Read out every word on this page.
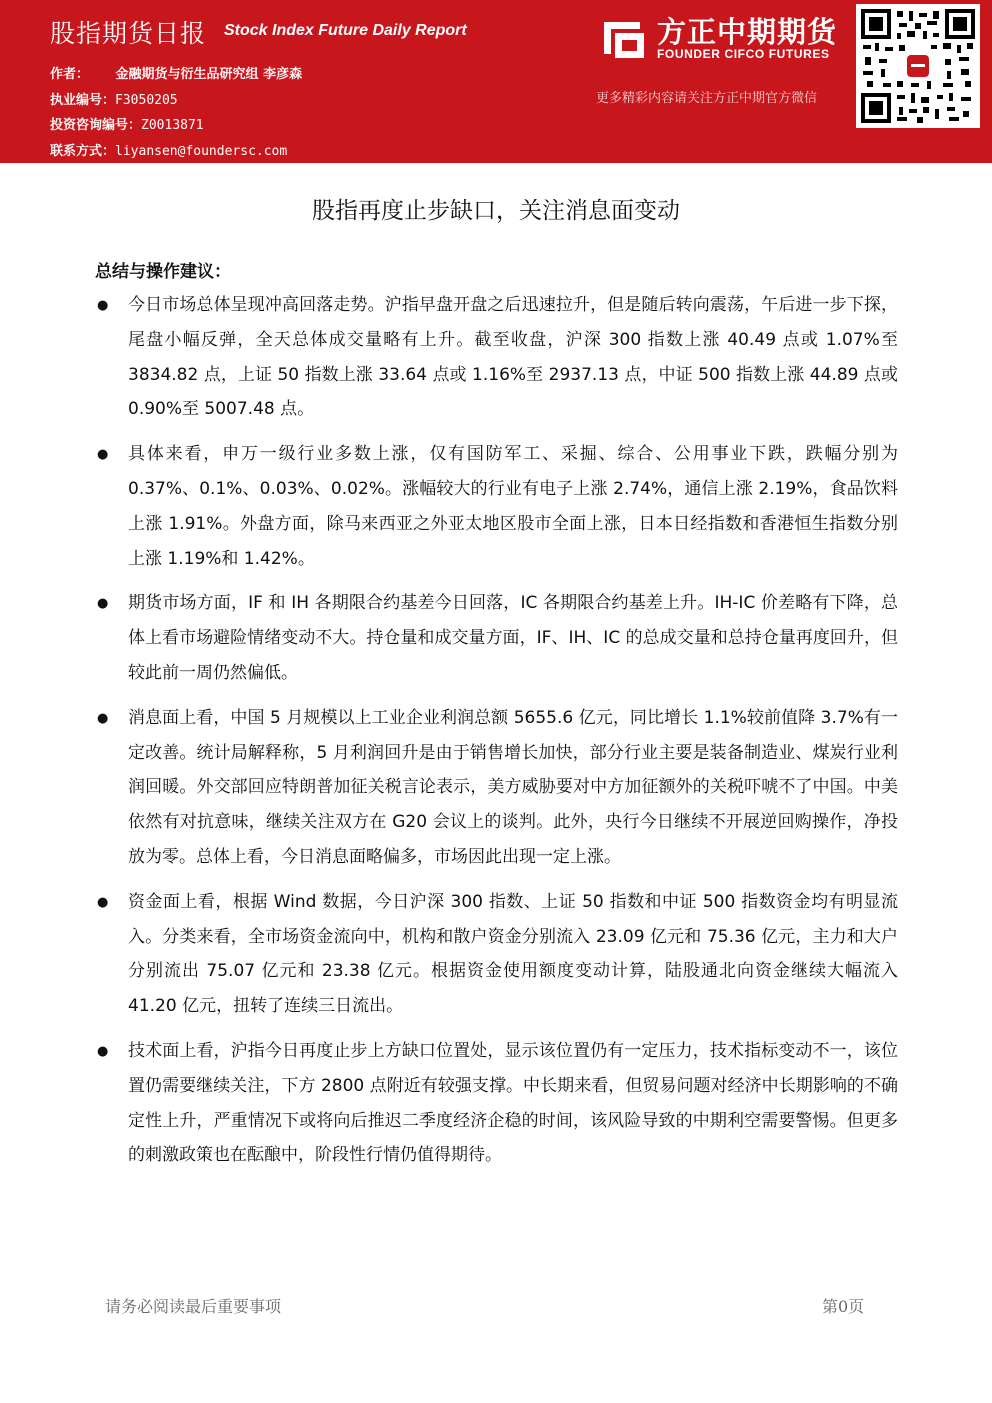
股指期货日报 Stock Index Future Daily Report
作者： 金融期货与衍生品研究组 李彦森
执业编号：F3050205
投资咨询编号：Z0013871
联系方式：liyansen@foundersc.com
方正中期期货
FOUNDER CIFCO FUTURES
更多精彩内容请关注方正中期官方微信
股指再度止步缺口，关注消息面变动
总结与操作建议：
● 今日市场总体呈现冲高回落走势。沪指早盘开盘之后迅速拉升，但是随后转向震荡，午后进一步下探，尾盘小幅反弹，全天总体成交量略有上升。截至收盘，沪深 300 指数上涨 40.49 点或 1.07%至 3834.82 点，上证 50 指数上涨 33.64 点或 1.16%至 2937.13 点，中证 500 指数上涨 44.89 点或 0.90%至 5007.48 点。
● 具体来看，申万一级行业多数上涨，仅有国防军工、采掘、综合、公用事业下跌，跌幅分别为 0.37%、0.1%、0.03%、0.02%。涨幅较大的行业有电子上涨 2.74%，通信上涨 2.19%，食品饮料上涨 1.91%。外盘方面，除马来西亚之外亚太地区股市全面上涨，日本日经指数和香港恒生指数分别上涨 1.19%和 1.42%。
● 期货市场方面，IF 和 IH 各期限合约基差今日回落，IC 各期限合约基差上升。IH-IC 价差略有下降，总体上看市场避险情绪变动不大。持仓量和成交量方面，IF、IH、IC 的总成交量和总持仓量再度回升，但较此前一周仍然偏低。
● 消息面上看，中国 5 月规模以上工业企业利润总额 5655.6 亿元，同比增长 1.1%较前值降 3.7%有一定改善。统计局解释称，5 月利润回升是由于销售增长加快，部分行业主要是装备制造业、煤炭行业利润回暖。外交部回应特朗普加征关税言论表示，美方威胁要对中方加征额外的关税吓唬不了中国。中美依然有对抗意味，继续关注双方在 G20 会议上的谈判。此外，央行今日继续不开展逆回购操作，净投放为零。总体上看，今日消息面略偏多，市场因此出现一定上涨。
● 资金面上看，根据 Wind 数据，今日沪深 300 指数、上证 50 指数和中证 500 指数资金均有明显流入。分类来看，全市场资金流向中，机构和散户资金分别流入 23.09 亿元和 75.36 亿元，主力和大户分别流出 75.07 亿元和 23.38 亿元。根据资金使用额度变动计算，陆股通北向资金继续大幅流入 41.20 亿元，扭转了连续三日流出。
● 技术面上看，沪指今日再度止步上方缺口位置处，显示该位置仍有一定压力，技术指标变动不一，该位置仍需要继续关注，下方 2800 点附近有较强支撑。中长期来看，但贸易问题对经济中长期影响的不确定性上升，严重情况下或将向后推迟二季度经济企稳的时间，该风险导致的中期利空需要警惕。但更多的刺激政策也在酝酿中，阶段性行情仍值得期待。
请务必阅读最后重要事项	第0页
